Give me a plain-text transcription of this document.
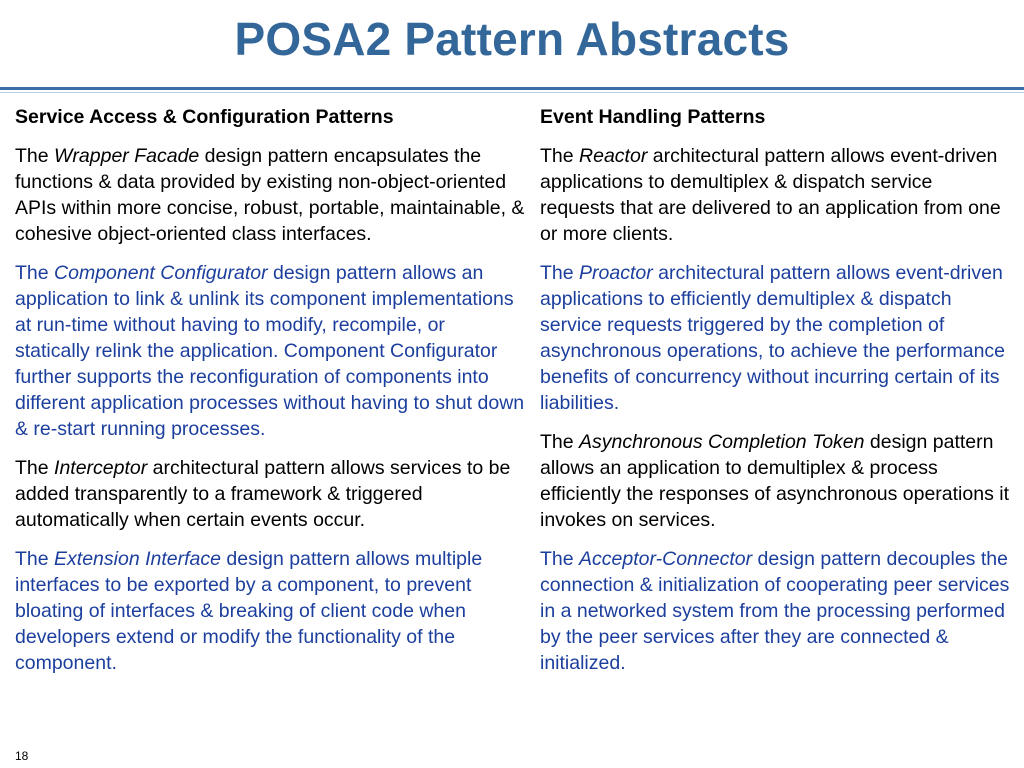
POSA2 Pattern Abstracts
Service Access & Configuration Patterns

The Wrapper Facade design pattern encapsulates the functions & data provided by existing non-object-oriented APIs within more concise, robust, portable, maintainable, & cohesive object-oriented class interfaces.

The Component Configurator design pattern allows an application to link & unlink its component implementations at run-time without having to modify, recompile, or statically relink the application. Component Configurator further supports the reconfiguration of components into different application processes without having to shut down & re-start running processes.

The Interceptor architectural pattern allows services to be added transparently to a framework & triggered automatically when certain events occur.

The Extension Interface design pattern allows multiple interfaces to be exported by a component, to prevent bloating of interfaces & breaking of client code when developers extend or modify the functionality of the component.

Event Handling Patterns

The Reactor architectural pattern allows event-driven applications to demultiplex & dispatch service requests that are delivered to an application from one or more clients.

The Proactor architectural pattern allows event-driven applications to efficiently demultiplex & dispatch service requests triggered by the completion of asynchronous operations, to achieve the performance benefits of concurrency without incurring certain of its liabilities.

The Asynchronous Completion Token design pattern allows an application to demultiplex & process efficiently the responses of asynchronous operations it invokes on services.

The Acceptor-Connector design pattern decouples the connection & initialization of cooperating peer services in a networked system from the processing performed by the peer services after they are connected & initialized.

18
